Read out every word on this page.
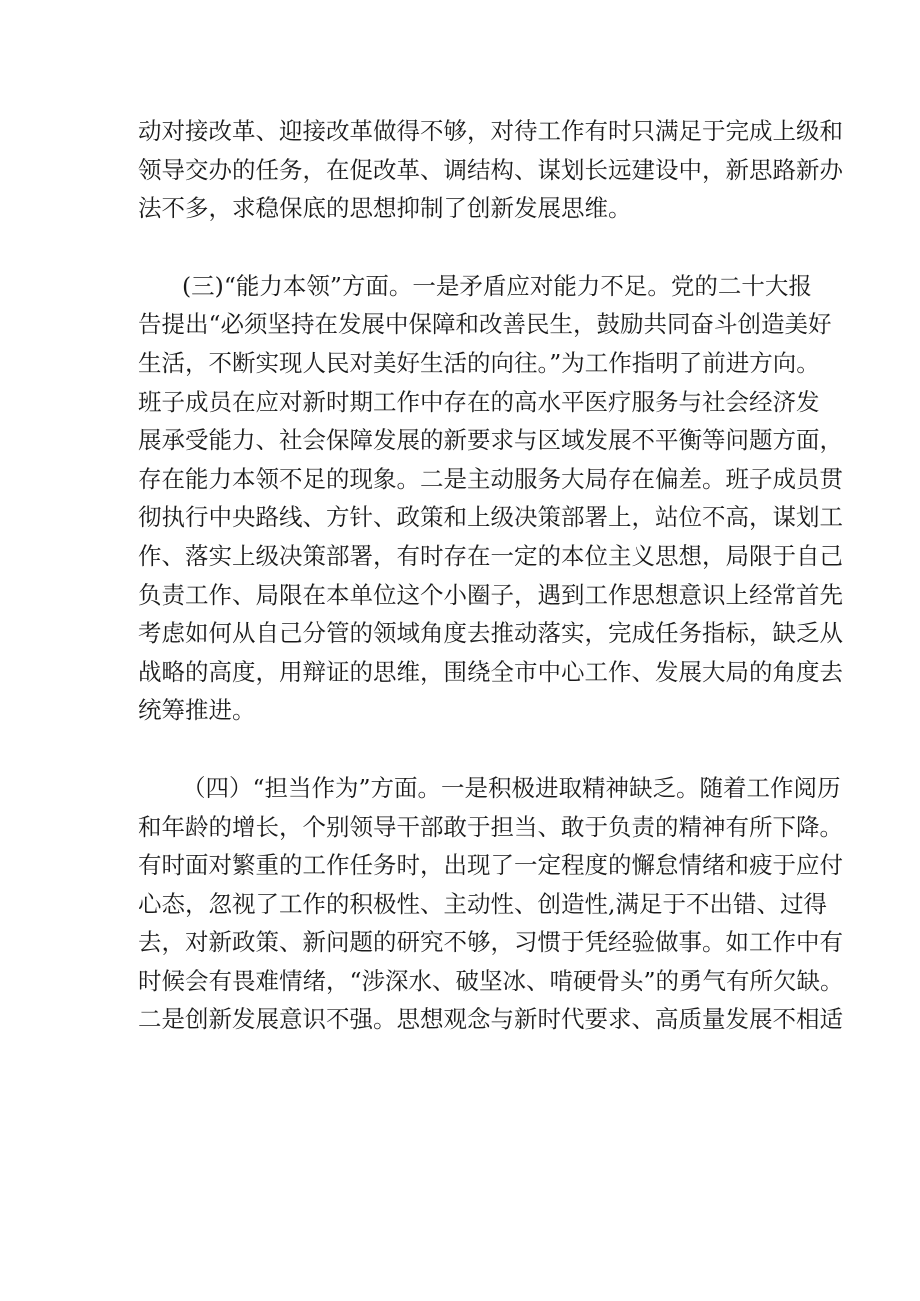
动对接改革、迎接改革做得不够，对待工作有时只满足于完成上级和
领导交办的任务，在促改革、调结构、谋划长远建设中，新思路新办
法不多，求稳保底的思想抑制了创新发展思维。
(三)“能力本领”方面。一是矛盾应对能力不足。党的二十大报
告提出“必须坚持在发展中保障和改善民生，鼓励共同奋斗创造美好
生活，不断实现人民对美好生活的向往。”为工作指明了前进方向。
班子成员在应对新时期工作中存在的高水平医疗服务与社会经济发
展承受能力、社会保障发展的新要求与区域发展不平衡等问题方面，
存在能力本领不足的现象。二是主动服务大局存在偏差。班子成员贯
彻执行中央路线、方针、政策和上级决策部署上，站位不高，谋划工
作、落实上级决策部署，有时存在一定的本位主义思想，局限于自己
负责工作、局限在本单位这个小圈子，遇到工作思想意识上经常首先
考虑如何从自己分管的领域角度去推动落实，完成任务指标，缺乏从
战略的高度，用辩证的思维，围绕全市中心工作、发展大局的角度去
统筹推进。
（四）“担当作为”方面。一是积极进取精神缺乏。随着工作阅历
和年龄的增长，个别领导干部敢于担当、敢于负责的精神有所下降。
有时面对繁重的工作任务时，出现了一定程度的懈怠情绪和疲于应付
心态，忽视了工作的积极性、主动性、创造性,满足于不出错、过得
去，对新政策、新问题的研究不够，习惯于凭经验做事。如工作中有
时候会有畏难情绪，“涉深水、破坚冰、啃硬骨头”的勇气有所欠缺。
二是创新发展意识不强。思想观念与新时代要求、高质量发展不相适
